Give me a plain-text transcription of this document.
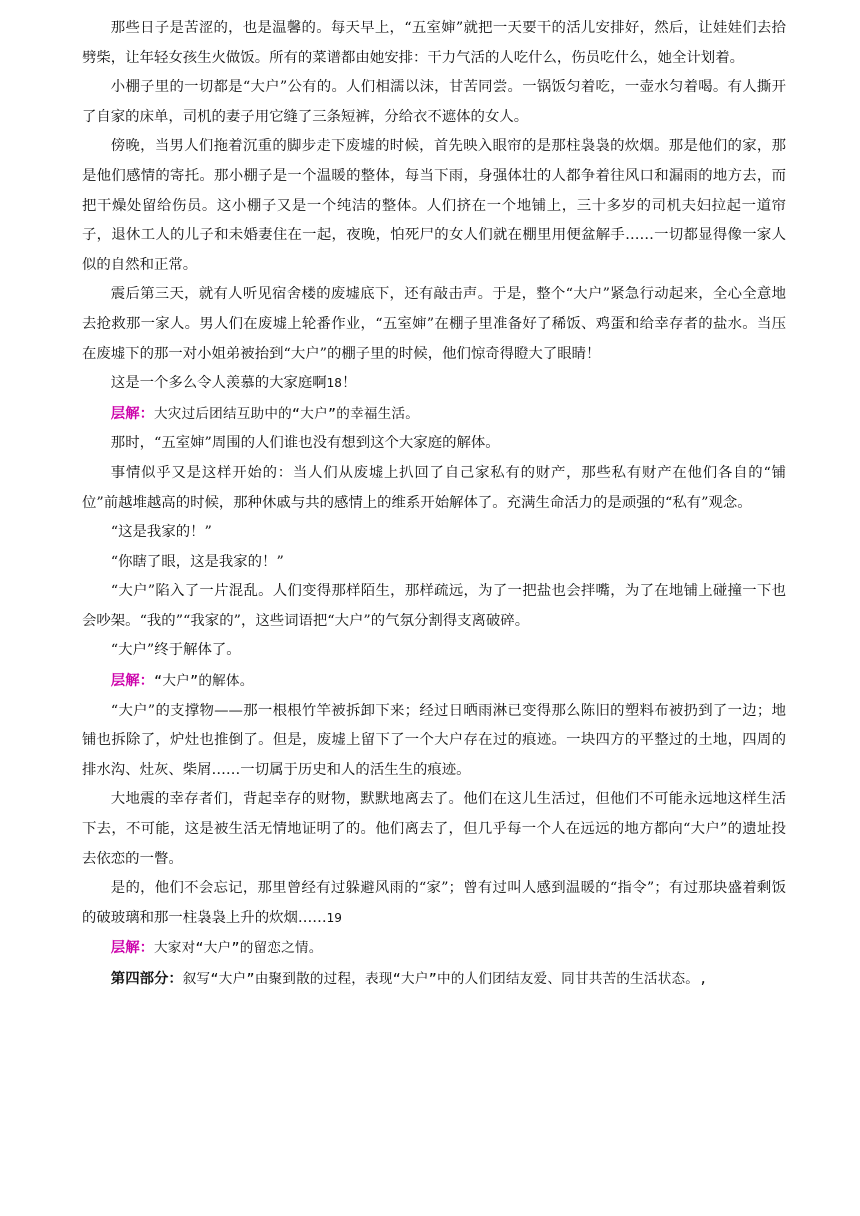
那些日子是苦涩的，也是温馨的。每天早上，“五室婶”就把一天要干的活儿安排好，然后，让娃娃们去拾劈柴，让年轻女孩生火做饭。所有的菜谱都由她安排：干力气活的人吃什么，伤员吃什么，她全计划着。

小棚子里的一切都是“大户”公有的。人们相濡以沫，甘苦同尝。一锅饭匀着吃，一壶水匀着喝。有人撕开了自家的床单，司机的妻子用它缝了三条短裤，分给衣不遮体的女人。

傍晚，当男人们拖着沉重的脚步走下废墟的时候，首先映入眼帘的是那柱袅袅的炊烟。那是他们的家，那是他们感情的寄托。那小棚子是一个温暖的整体，每当下雨，身强体壮的人都争着往风口和漏雨的地方去，而把干燥处留给伤员。这小棚子又是一个纯洁的整体。人们挤在一个地铺上，三十多岁的司机夫妇拉起一道帘子，退休工人的儿子和未婚妻住在一起，夜晚，怕死尸的女人们就在棚里用便盆解手……一切都显得像一家人似的自然和正常。

震后第三天，就有人听见宿舍楼的废墟底下，还有敲击声。于是，整个“大户”紧急行动起来，全心全意地去抢救那一家人。男人们在废墟上轮番作业，“五室婶”在棚子里准备好了稀饭、鸡蛋和给幸存者的盐水。当压在废墟下的那一对小姐弟被抬到“大户”的棚子里的时候，他们惊奇得瞪大了眼睛！

这是一个多么令人羡慕的大家庭啊18！

层解：大灾过后团结互助中的“大户”的幸福生活。

那时，“五室婶”周围的人们谁也没有想到这个大家庭的解体。

事情似乎又是这样开始的：当人们从废墟上扒回了自己家私有的财产，那些私有财产在他们各自的“铺位”前越堆越高的时候，那种休戚与共的感情上的维系开始解体了。充满生命活力的是顽强的“私有”观念。

“这是我家的！”

“你瞎了眼，这是我家的！”

“大户”陷入了一片混乱。人们变得那样陌生，那样疏远，为了一把盐也会拌嘴，为了在地铺上碰撞一下也会吵架。“我的”“我家的”，这些词语把“大户”的气氛分割得支离破碎。

“大户”终于解体了。

层解：“大户”的解体。

“大户”的支撑物——那一根根竹竿被拆卸下来；经过日晒雨淋已变得那么陈旧的塑料布被扔到了一边；地铺也拆除了，炉灶也推倒了。但是，废墟上留下了一个大户存在过的痕迹。一块四方的平整过的土地，四周的排水沟、灶灰、柴屑……一切属于历史和人的活生生的痕迹。

大地震的幸存者们，背起幸存的财物，默默地离去了。他们在这儿生活过，但他们不可能永远地这样生活下去，不可能，这是被生活无情地证明了的。他们离去了，但几乎每一个人在远远的地方都向“大户”的遗址投去依恋的一瞥。

是的，他们不会忘记，那里曾经有过躲避风雨的“家”；曾有过叫人感到温暖的“指令”；有过那块盛着剩饭的破玻璃和那一柱袅袅上升的炊烟……19

层解：大家对“大户”的留恋之情。

第四部分：叙写“大户”由聚到散的过程，表现“大户”中的人们团结友爱、同甘共苦的生活状态。,
